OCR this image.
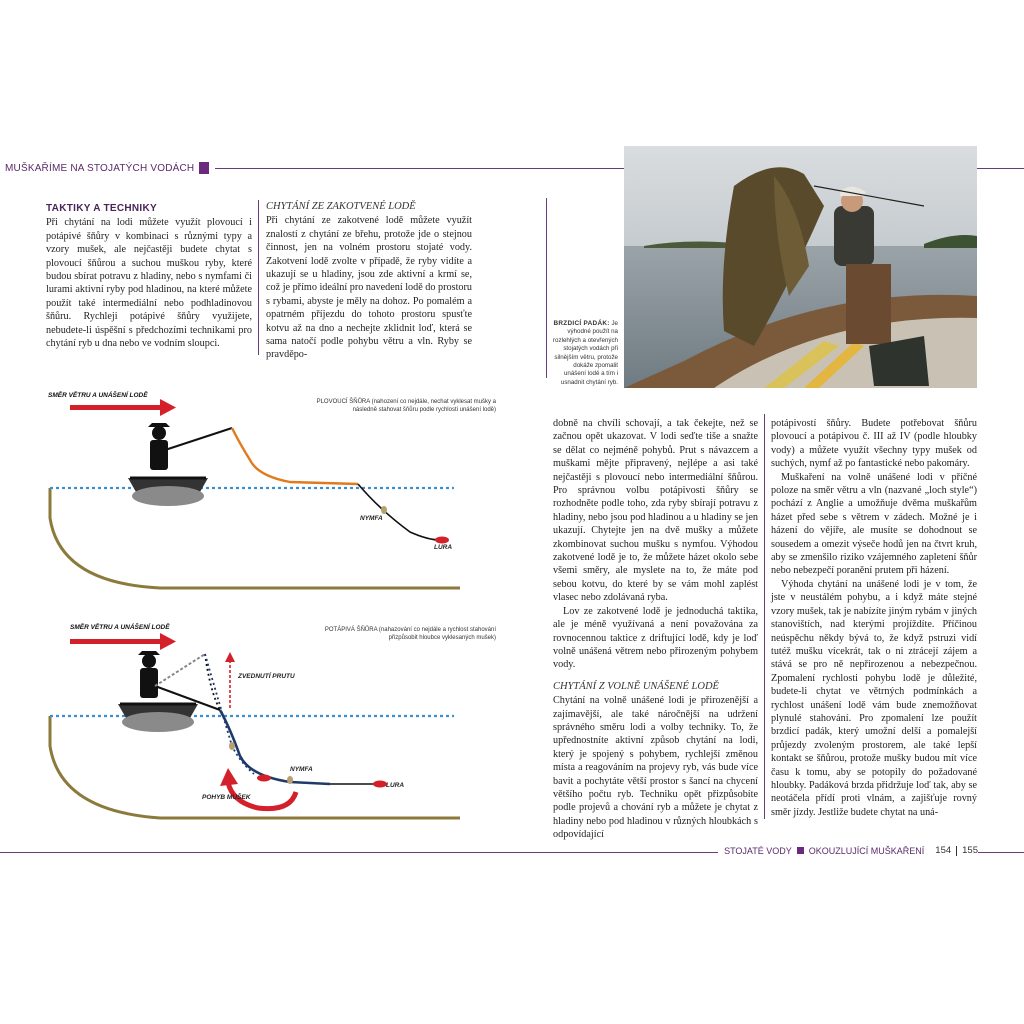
MUŠKAŘÍME NA STOJATÝCH VODÁCH
TAKTIKY A TECHNIKY

Při chytání na lodi můžete využít plovoucí i potápivé šňůry v kombinaci s různými typy a vzory mušek, ale nejčastěji budete chytat s plovoucí šňůrou a suchou muškou ryby, které budou sbírat potravu z hladiny, nebo s nymfami či lurami aktivní ryby pod hladinou, na které můžete použít také intermediální nebo podhladinovou šňůru. Rychleji potápivé šňůry využijete, nebudete-li úspěšní s předchozími technikami pro chytání ryb u dna nebo ve vodním sloupci.

CHYTÁNÍ ZE ZAKOTVENÉ LODĚ

Při chytání ze zakotvené lodě můžete využít znalostí z chytání ze břehu, protože jde o stejnou činnost, jen na volném prostoru stojaté vody. Zakotvení lodě zvolte v případě, že ryby vidíte a ukazují se u hladiny, jsou zde aktivní a krmí se, což je přímo ideální pro navedení lodě do prostoru s rybami, abyste je měly na dohoz. Po pomalém a opatrném příjezdu do tohoto prostoru spusťte kotvu až na dno a nechejte zklidnit loď, která se sama natočí podle pohybu větru a vln. Ryby se pravděpo-

BRZDICÍ PADÁK: Je výhodné použít na rozlehlých a otevřených stojatých vodách při silnějším větru, protože dokáže zpomalit unášení lodě a tím i usnadnit chytání ryb.
SMĚR VĚTRU A UNÁŠENÍ LODĚ
PLOVOUCÍ ŠŇŮRA (nahození co nejdále, nechat vyklesat mušky a následně stahovat šňůru podle rychlosti unášení lodě)
NYMFA
LURA
SMĚR VĚTRU A UNÁŠENÍ LODĚ	POTÁPIVÁ ŠŇŮRA (nahazování co nejdále a rychlost stahování přizpůsobit hloubce vyklesaných mušek)
ZVEDNUTÍ PRUTU
NYMFA
LURA
POHYB MUŠEK

dobně na chvíli schovají, a tak čekejte, než se začnou opět ukazovat. V lodi seďte tiše a snažte se dělat co nejméně pohybů. Prut s návazcem a muškami mějte připravený, nejlépe a asi také nejčastěji s plovoucí nebo intermediální šňůrou. Pro správnou volbu potápivosti šňůry se rozhodněte podle toho, zda ryby sbírají potravu z hladiny, nebo jsou pod hladinou a u hladiny se jen ukazují. Chytejte jen na dvě mušky a můžete zkombinovat suchou mušku s nymfou. Výhodou zakotvené lodě je to, že můžete házet okolo sebe všemi směry, ale myslete na to, že máte pod sebou kotvu, do které by se vám mohl zaplést vlasec nebo zdolávaná ryba.

Lov ze zakotvené lodě je jednoduchá taktika, ale je méně využívaná a není považována za rovnocennou taktice z driftující lodě, kdy je loď volně unášená větrem nebo přirozeným pohybem vody.

CHYTÁNÍ Z VOLNĚ UNÁŠENÉ LODĚ

Chytání na volně unášené lodi je přirozenější a zajímavější, ale také náročnější na udržení správného směru lodi a volby techniky. To, že upřednostníte aktivní způsob chytání na lodi, který je spojený s pohybem, rychlejší změnou místa a reagováním na projevy ryb, vás bude více bavit a pochytáte větší prostor s šancí na chycení většího počtu ryb. Techniku opět přizpůsobíte podle projevů a chování ryb a můžete je chytat z hladiny nebo pod hladinou v různých hloubkách s odpovídající

potápivostí šňůry. Budete potřebovat šňůru plovoucí a potápivou č. III až IV (podle hloubky vody) a můžete využít všechny typy mušek od suchých, nymf až po fantastické nebo pakomáry.

Muškaření na volně unášené lodi v příčné poloze na směr větru a vln (nazvané „loch style“) pochází z Anglie a umožňuje dvěma muškařům házet před sebe s větrem v zádech. Možné je i házení do vějíře, ale musíte se dohodnout se sousedem a omezit výseče hodů jen na čtvrt kruh, aby se zmenšilo riziko vzájemného zapletení šňůr nebo nebezpečí poranění prutem při házení.

Výhoda chytání na unášené lodi je v tom, že jste v neustálém pohybu, a i když máte stejné vzory mušek, tak je nabízíte jiným rybám v jiných stanovištích, nad kterými projíždíte. Příčinou neúspěchu někdy bývá to, že když pstruzi vidí tutéž mušku vícekrát, tak o ni ztrácejí zájem a stává se pro ně nepřirozenou a nebezpečnou. Zpomalení rychlosti pohybu lodě je důležité, budete-li chytat ve větrných podmínkách a rychlost unášení lodě vám bude znemožňovat plynulé stahování. Pro zpomalení lze použít brzdicí padák, který umožní delší a pomalejší průjezdy zvoleným prostorem, ale také lepší kontakt se šňůrou, protože mušky budou mít více času k tomu, aby se potopily do požadované hloubky. Padáková brzda přidržuje loď tak, aby se neotáčela přídí proti vlnám, a zajišťuje rovný směr jízdy. Jestliže budete chytat na uná-

STOJATÉ VODY OKOUZLUJÍCÍ MUŠKAŘENÍ 154 155
